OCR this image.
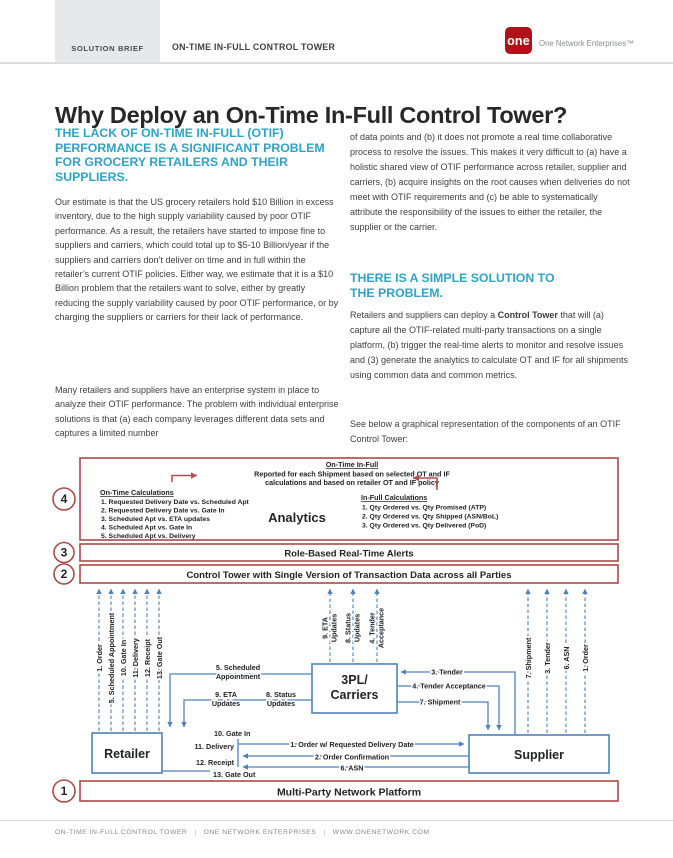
SOLUTION BRIEF	ON-TIME IN-FULL CONTROL TOWER	one One Network Enterprises™
Why Deploy an On-Time In-Full Control Tower?
THE LACK OF ON-TIME IN-FULL (OTIF) PERFORMANCE IS A SIGNIFICANT PROBLEM FOR GROCERY RETAILERS AND THEIR SUPPLIERS.

Our estimate is that the US grocery retailers hold $10 Billion in excess inventory, due to the high supply variability caused by poor OTIF performance. As a result, the retailers have started to impose fine to suppliers and carriers, which could total up to $5-10 Billion/year if the suppliers and carriers don’t deliver on time and in full within the retailer’s current OTIF policies. Either way, we estimate that it is a $10 Billion problem that the retailers want to solve, either by greatly reducing the supply variability caused by poor OTIF performance, or by charging the suppliers or carriers for their lack of performance.

Many retailers and suppliers have an enterprise system in place to analyze their OTIF performance. The problem with individual enterprise solutions is that (a) each company leverages different data sets and captures a limited number

of data points and (b) it does not promote a real time collaborative process to resolve the issues. This makes it very difficult to (a) have a holistic shared view of OTIF performance across retailer, supplier and carriers, (b) acquire insights on the root causes when deliveries do not meet with OTIF requirements and (c) be able to systematically attribute the responsibility of the issues to either the retailer, the supplier or the carrier.

THERE IS A SIMPLE SOLUTION TO THE PROBLEM.

Retailers and suppliers can deploy a Control Tower that will (a) capture all the OTIF-related multi-party transactions on a single platform, (b) trigger the real-time alerts to monitor and resolve issues and (3) generate the analytics to calculate OT and IF for all shipments using common data and common metrics.

See below a graphical representation of the components of an OTIF Control Tower:

4
On-Time In-Full
Reported for each Shipment based on selected OT and IF
calculations and based on retailer OT and IF policy
On-Time Calculations
1. Requested Delivery Date vs. Scheduled Apt
2. Requested Delivery Date vs. Gate In
3. Scheduled Apt vs. ETA updates
4. Scheduled Apt vs. Gate In
5. Scheduled Apt vs. Delivery
Analytics
In-Full Calculations
1. Qty Ordered vs. Qty Promised (ATP)
2. Qty Ordered vs. Qty Shipped (ASN/BoL)
3. Qty Ordered vs. Qty Delivered (PoD)
3	Role-Based Real-Time Alerts
2	Control Tower with Single Version of Transaction Data across all Parties
1. Order 5. Scheduled Appointment 10. Gate In 11. Delivery 12. Receipt 13. Gate Out
9. ETA Updates 8. Status Updates 4. Tender Acceptance
7. Shipment 3. Tender 6. ASN 1. Order
5. Scheduled
Appointment
9. ETA
Updates
8. Status
Updates
3. Tender
4. Tender Acceptance
7. Shipment
10. Gate In
11. Delivery
12. Receipt
13. Gate Out
1. Order w/ Requested Delivery Date
2. Order Confirmation
6. ASN
Retailer
3PL/
Carriers
Supplier
1	Multi-Party Network Platform
ON-TIME IN-FULL CONTROL TOWER | ONE NETWORK ENTERPRISES | WWW.ONENETWORK.COM
